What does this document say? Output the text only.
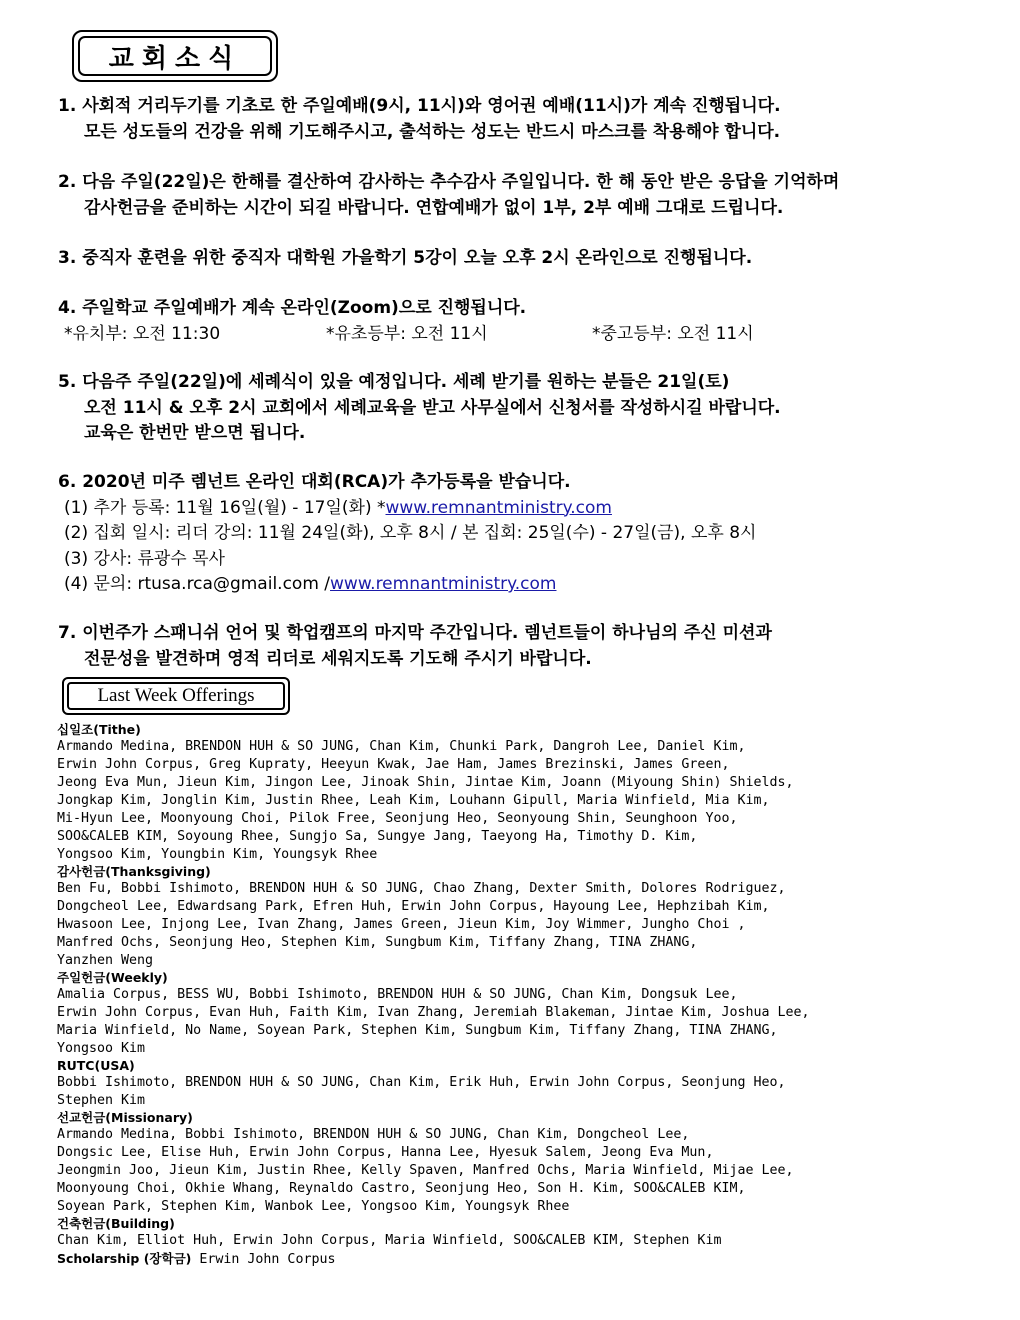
교회소식

1. 사회적 거리두기를 기초로 한 주일예배(9시, 11시)와 영어권 예배(11시)가 계속 진행됩니다.

모든 성도들의 건강을 위해 기도해주시고, 출석하는 성도는 반드시 마스크를 착용해야 합니다.

2. 다음 주일(22일)은 한해를 결산하여 감사하는 추수감사 주일입니다. 한 해 동안 받은 응답을 기억하며

감사헌금을 준비하는 시간이 되길 바랍니다. 연합예배가 없이 1부, 2부 예배 그대로 드립니다.

3. 중직자 훈련을 위한 중직자 대학원 가을학기 5강이 오늘 오후 2시 온라인으로 진행됩니다.

4. 주일학교 주일예배가 계속 온라인(Zoom)으로 진행됩니다.

*유치부: 오전 11:30	*유초등부: 오전 11시	*중고등부: 오전 11시

5. 다음주 주일(22일)에 세례식이 있을 예정입니다. 세례 받기를 원하는 분들은 21일(토)

오전 11시 & 오후 2시 교회에서 세례교육을 받고 사무실에서 신청서를 작성하시길 바랍니다.

교육은 한번만 받으면 됩니다.

6. 2020년 미주 렘넌트 온라인 대회(RCA)가 추가등록을 받습니다.

(1) 추가 등록: 11월 16일(월) - 17일(화) * www.remnantministry.com
(2) 집회 일시: 리더 강의: 11월 24일(화), 오후 8시 / 본 집회: 25일(수) - 27일(금), 오후 8시
(3) 강사: 류광수 목사
(4) 문의: rtusa.rca@gmail.com / www.remnantministry.com

7. 이번주가 스패니쉬 언어 및 학업캠프의 마지막 주간입니다. 렘넌트들이 하나님의 주신 미션과

전문성을 발견하며 영적 리더로 세워지도록 기도해 주시기 바랍니다.

Last Week Offerings
십일조(Tithe)
Armando Medina, BRENDON HUH & SO JUNG, Chan Kim, Chunki Park, Dangroh Lee, Daniel Kim,
Erwin John Corpus, Greg Kupraty, Heeyun Kwak, Jae Ham, James Brezinski, James Green,
Jeong Eva Mun, Jieun Kim, Jingon Lee, Jinoak Shin, Jintae Kim, Joann (Miyoung Shin) Shields,
Jongkap Kim, Jonglin Kim, Justin Rhee, Leah Kim, Louhann Gipull, Maria Winfield, Mia Kim,
Mi-Hyun Lee, Moonyoung Choi, Pilok Free, Seonjung Heo, Seonyoung Shin, Seunghoon Yoo,
SOO&CALEB KIM, Soyoung Rhee, Sungjo Sa, Sungye Jang, Taeyong Ha, Timothy D. Kim,
Yongsoo Kim, Youngbin Kim, Youngsyk Rhee
감사헌금(Thanksgiving)
Ben Fu, Bobbi Ishimoto, BRENDON HUH & SO JUNG, Chao Zhang, Dexter Smith, Dolores Rodriguez,
Dongcheol Lee, Edwardsang Park, Efren Huh, Erwin John Corpus, Hayoung Lee, Hephzibah Kim,
Hwasoon Lee, Injong Lee, Ivan Zhang, James Green, Jieun Kim, Joy Wimmer, Jungho Choi ,
Manfred Ochs, Seonjung Heo, Stephen Kim, Sungbum Kim, Tiffany Zhang, TINA ZHANG,
Yanzhen Weng
주일헌금(Weekly)
Amalia Corpus, BESS WU, Bobbi Ishimoto, BRENDON HUH & SO JUNG, Chan Kim, Dongsuk Lee,
Erwin John Corpus, Evan Huh, Faith Kim, Ivan Zhang, Jeremiah Blakeman, Jintae Kim, Joshua Lee,
Maria Winfield, No Name, Soyean Park, Stephen Kim, Sungbum Kim, Tiffany Zhang, TINA ZHANG,
Yongsoo Kim
RUTC(USA)
Bobbi Ishimoto, BRENDON HUH & SO JUNG, Chan Kim, Erik Huh, Erwin John Corpus, Seonjung Heo,
Stephen Kim
선교헌금(Missionary)
Armando Medina, Bobbi Ishimoto, BRENDON HUH & SO JUNG, Chan Kim, Dongcheol Lee,
Dongsic Lee, Elise Huh, Erwin John Corpus, Hanna Lee, Hyesuk Salem, Jeong Eva Mun,
Jeongmin Joo, Jieun Kim, Justin Rhee, Kelly Spaven, Manfred Ochs, Maria Winfield, Mijae Lee,
Moonyoung Choi, Okhie Whang, Reynaldo Castro, Seonjung Heo, Son H. Kim, SOO&CALEB KIM,
Soyean Park, Stephen Kim, Wanbok Lee, Yongsoo Kim, Youngsyk Rhee
건축헌금(Building)
Chan Kim, Elliot Huh, Erwin John Corpus, Maria Winfield, SOO&CALEB KIM, Stephen Kim
Scholarship (장학금) Erwin John Corpus
